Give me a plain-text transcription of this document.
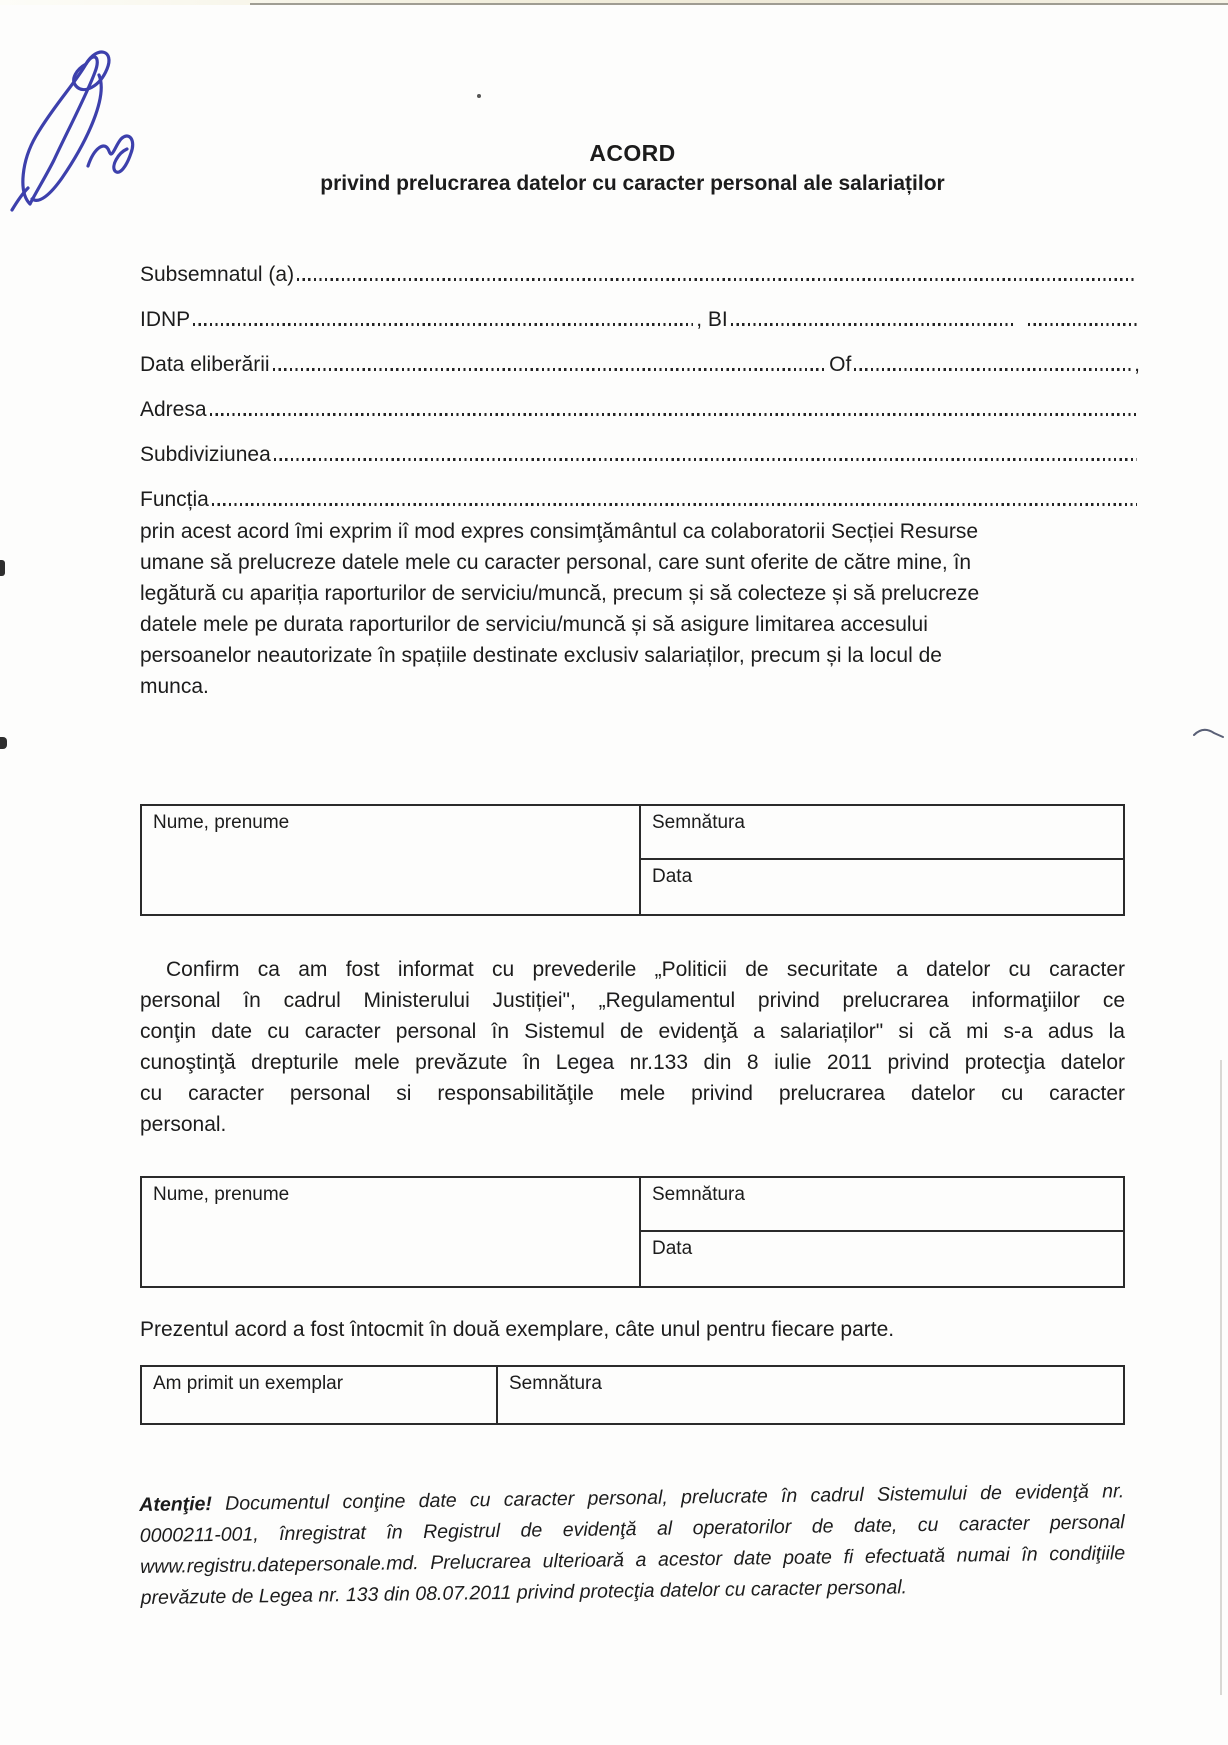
ACORD
privind prelucrarea datelor cu caracter personal ale salariaților
Subsemnatul (a)
IDNP	, BI
Data eliberării	Of	,
Adresa
Subdiviziunea
Funcția
prin acest acord îmi exprim iî mod expres consimţământul ca colaboratorii Secției Resurse
umane să prelucreze datele mele cu caracter personal, care sunt oferite de către mine, în
legătură cu apariția raporturilor de serviciu/muncă, precum și să colecteze și să prelucreze
datele mele pe durata raporturilor de serviciu/muncă și să asigure limitarea accesului
persoanelor neautorizate în spațiile destinate exclusiv salariaților, precum și la locul de
munca.
Nume, prenume	Semnătura
Data
Confirm ca am fost informat cu prevederile „Politicii de securitate a datelor cu caracter
personal în cadrul Ministerului Justiției", „Regulamentul privind prelucrarea informaţiilor ce
conţin date cu caracter personal în Sistemul de evidenţă a salariaților" si că mi s-a adus la
cunoştinţă drepturile mele prevăzute în Legea nr.133 din 8 iulie 2011 privind protecţia datelor
cu caracter personal si responsabilităţile mele privind prelucrarea datelor cu caracter
personal.
Nume, prenume	Semnătura
Data
Prezentul acord a fost întocmit în două exemplare, câte unul pentru fiecare parte.
Am primit un exemplar	Semnătura
Atenţie! Documentul conţine date cu caracter personal, prelucrate în cadrul Sistemului de evidenţă nr.
0000211-001, înregistrat în Registrul de evidenţă al operatorilor de date, cu caracter personal
www.registru.datepersonale.md. Prelucrarea ulterioară a acestor date poate fi efectuată numai în condiţiile
prevăzute de Legea nr. 133 din 08.07.2011 privind protecţia datelor cu caracter personal.
